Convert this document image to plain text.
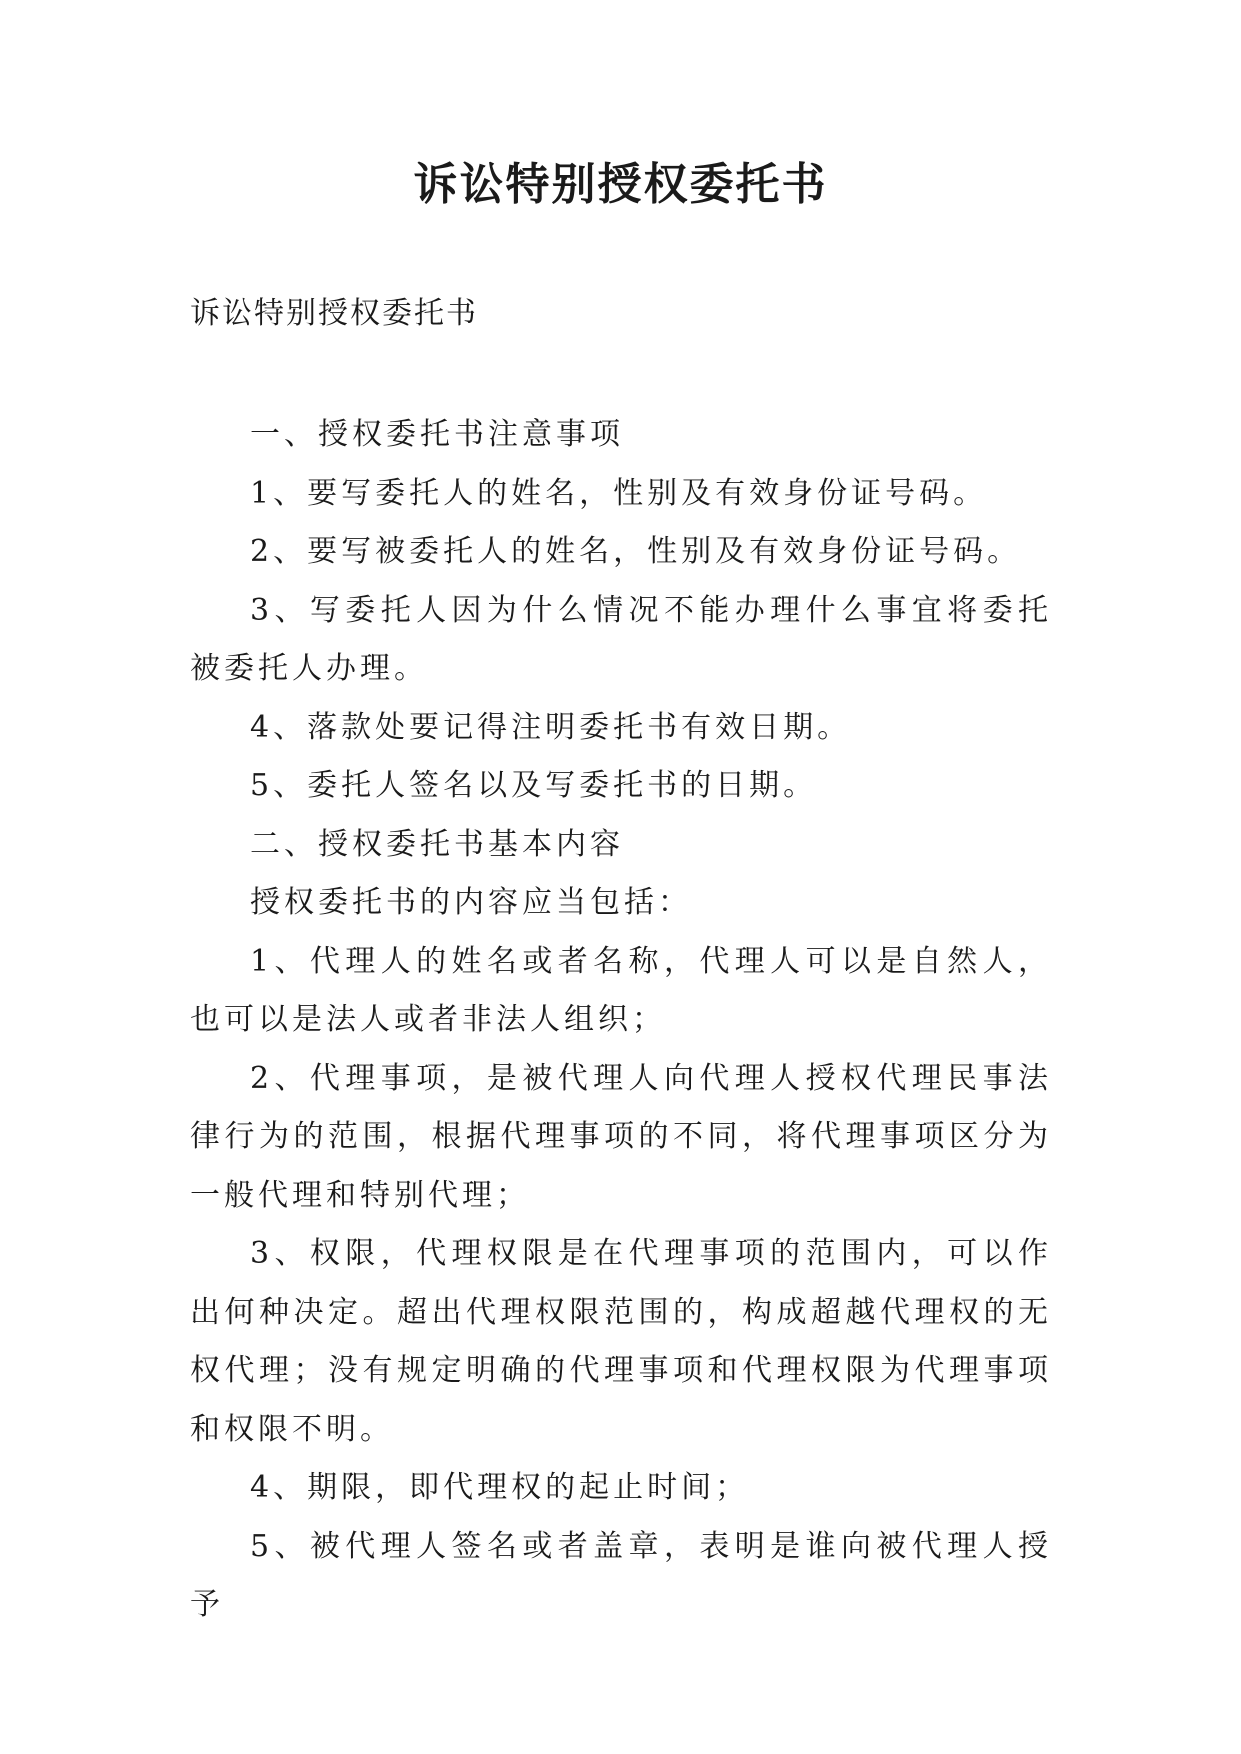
诉讼特别授权委托书
诉讼特别授权委托书

一、授权委托书注意事项

1、要写委托人的姓名，性别及有效身份证号码。

2、要写被委托人的姓名，性别及有效身份证号码。

3、写委托人因为什么情况不能办理什么事宜将委托被委托人办理。

4、落款处要记得注明委托书有效日期。

5、委托人签名以及写委托书的日期。

二、授权委托书基本内容

授权委托书的内容应当包括：

1、代理人的姓名或者名称，代理人可以是自然人，也可以是法人或者非法人组织；

2、代理事项，是被代理人向代理人授权代理民事法律行为的范围，根据代理事项的不同，将代理事项区分为一般代理和特别代理；

3、权限，代理权限是在代理事项的范围内，可以作出何种决定。超出代理权限范围的，构成超越代理权的无权代理；没有规定明确的代理事项和代理权限为代理事项和权限不明。

4、期限，即代理权的起止时间；

5、被代理人签名或者盖章，表明是谁向被代理人授予
